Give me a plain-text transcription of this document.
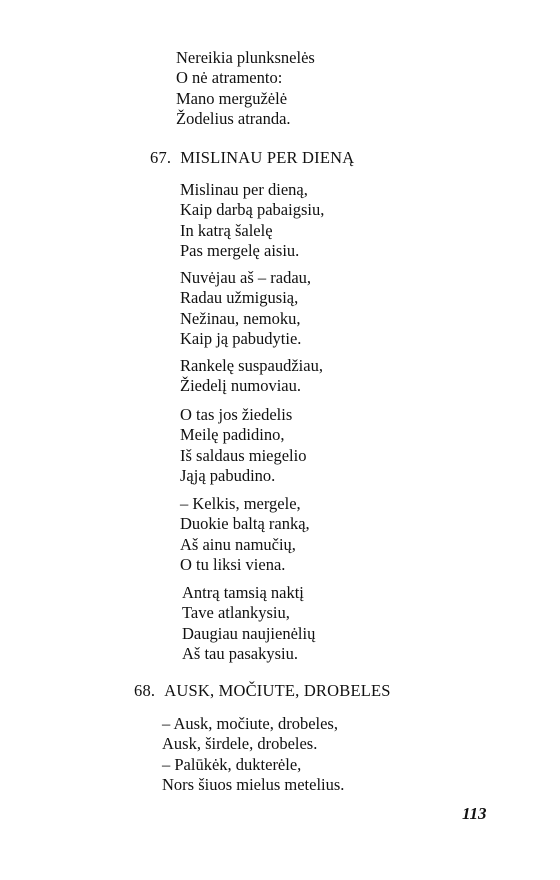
Nereikia plunksnelės
O nė atramento:
Mano mergužėlė
Žodelius atranda.
67. MISLINAU PER DIENĄ
Mislinau per dieną,
Kaip darbą pabaigsiu,
In katrą šalelę
Pas mergelę aisiu.
Nuvėjau aš – radau,
Radau užmigusią,
Nežinau, nemoku,
Kaip ją pabudytie.
Rankelę suspaudžiau,
Žiedelį numoviau.
O tas jos žiedelis
Meilę padidino,
Iš saldaus miegelio
Jąją pabudino.
– Kelkis, mergele,
Duokie baltą ranką,
Aš ainu namučių,
O tu liksi viena.
Antrą tamsią naktį
Tave atlankysiu,
Daugiau naujienėlių
Aš tau pasakysiu.
68. AUSK, MOČIUTE, DROBELES
– Ausk, močiute, drobeles,
Ausk, širdele, drobeles.
– Palūkėk, dukterėle,
Nors šiuos mielus metelius.

113
